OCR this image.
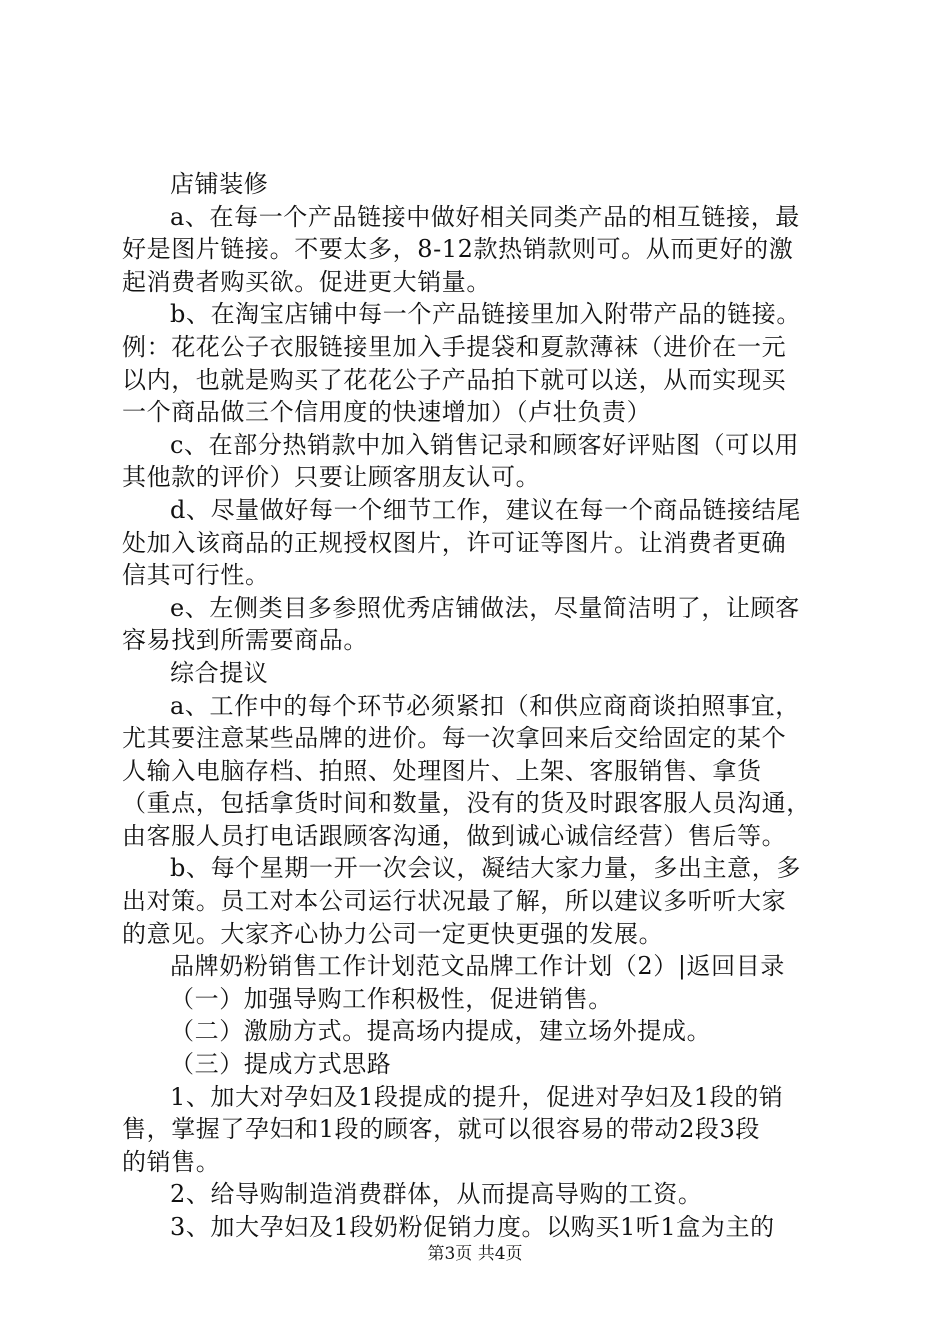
店铺装修
a、在每一个产品链接中做好相关同类产品的相互链接，最
好是图片链接。不要太多，8-12款热销款则可。从而更好的激
起消费者购买欲。促进更大销量。
b、在淘宝店铺中每一个产品链接里加入附带产品的链接。
例：花花公子衣服链接里加入手提袋和夏款薄袜（进价在一元
以内，也就是购买了花花公子产品拍下就可以送，从而实现买
一个商品做三个信用度的快速增加）（卢壮负责）
c、在部分热销款中加入销售记录和顾客好评贴图（可以用
其他款的评价）只要让顾客朋友认可。
d、尽量做好每一个细节工作，建议在每一个商品链接结尾
处加入该商品的正规授权图片，许可证等图片。让消费者更确
信其可行性。
e、左侧类目多参照优秀店铺做法，尽量简洁明了，让顾客
容易找到所需要商品。
综合提议
a、工作中的每个环节必须紧扣（和供应商商谈拍照事宜，
尤其要注意某些品牌的进价。每一次拿回来后交给固定的某个
人输入电脑存档、拍照、处理图片、上架、客服销售、拿货
（重点，包括拿货时间和数量，没有的货及时跟客服人员沟通，
由客服人员打电话跟顾客沟通，做到诚心诚信经营）售后等。
b、每个星期一开一次会议，凝结大家力量，多出主意，多
出对策。员工对本公司运行状况最了解，所以建议多听听大家
的意见。大家齐心协力公司一定更快更强的发展。
品牌奶粉销售工作计划范文品牌工作计划（2）|返回目录
（一）加强导购工作积极性，促进销售。
（二）激励方式。提高场内提成，建立场外提成。
（三）提成方式思路
1、加大对孕妇及1段提成的提升，促进对孕妇及1段的销
售，掌握了孕妇和1段的顾客，就可以很容易的带动2段3段
的销售。
2、给导购制造消费群体，从而提高导购的工资。
3、加大孕妇及1段奶粉促销力度。以购买1听1盒为主的
第3页 共4页
